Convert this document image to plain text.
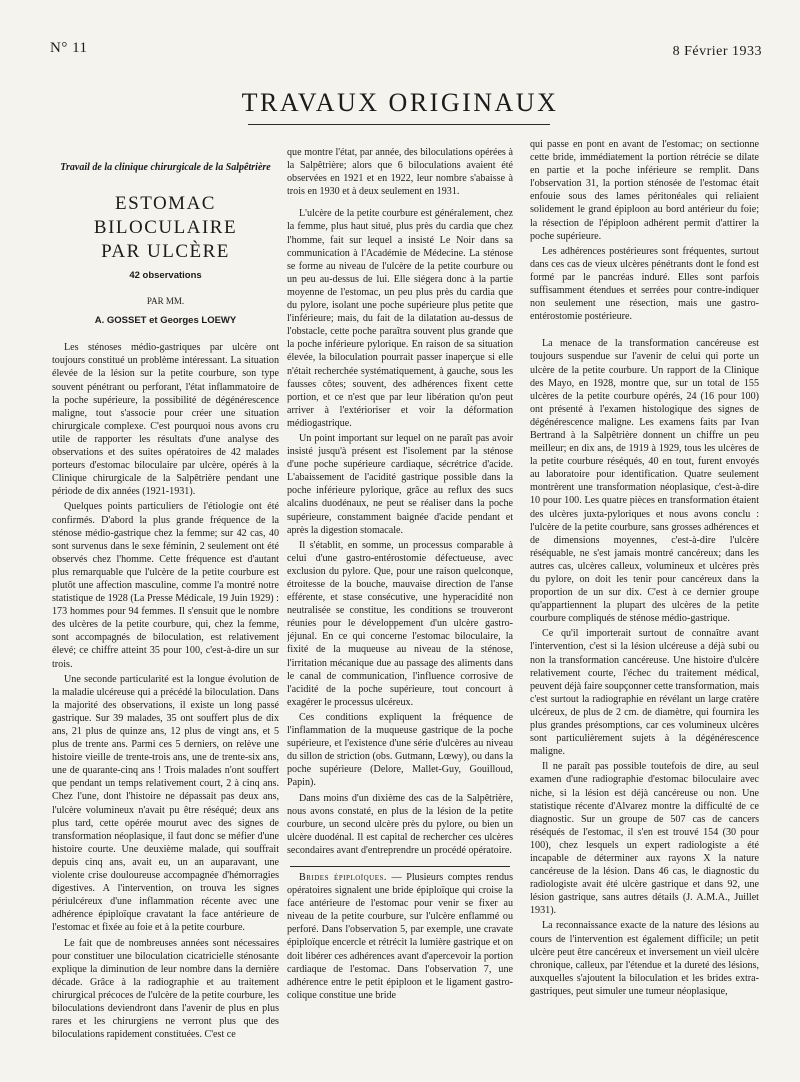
N° 11	8 Février 1933
TRAVAUX ORIGINAUX
Travail de la clinique chirurgicale de la Salpêtrière
ESTOMAC BILOCULAIRE
PAR ULCÈRE
42 observations
PAR MM.
A. GOSSET et Georges LOEWY

Les sténoses médio-gastriques par ulcère ont toujours constitué un problème intéressant. La situation élevée de la lésion sur la petite courbure, son type souvent pénétrant ou perforant, l'état inflammatoire de la poche supérieure, la possibilité de dégénérescence maligne, tout s'associe pour créer une situation chirurgicale complexe. C'est pourquoi nous avons cru utile de rapporter les résultats d'une analyse des observations et des suites opératoires de 42 malades porteurs d'estomac biloculaire par ulcère, opérés à la Clinique chirurgicale de la Salpêtrière pendant une période de dix années (1921-1931).

Quelques points particuliers de l'étiologie ont été confirmés. D'abord la plus grande fréquence de la sténose médio-gastrique chez la femme; sur 42 cas, 40 sont survenus dans le sexe féminin, 2 seulement ont été observés chez l'homme. Cette fréquence est d'autant plus remarquable que l'ulcère de la petite courbure est plutôt une affection masculine, comme l'a montré notre statistique de 1928 (La Presse Médicale, 19 Juin 1929) : 173 hommes pour 94 femmes. Il s'ensuit que le nombre des ulcères de la petite courbure, qui, chez la femme, sont accompagnés de biloculation, est relativement élevé; ce chiffre atteint 35 pour 100, c'est-à-dire un sur trois.

Une seconde particularité est la longue évolution de la maladie ulcéreuse qui a précédé la biloculation. Dans la majorité des observations, il existe un long passé gastrique. Sur 39 malades, 35 ont souffert plus de dix ans, 21 plus de quinze ans, 12 plus de vingt ans, et 5 plus de trente ans. Parmi ces 5 derniers, on relève une histoire vieille de trente-trois ans, une de trente-six ans, une de quarante-cinq ans ! Trois malades n'ont souffert que pendant un temps relativement court, 2 à cinq ans. Chez l'une, dont l'histoire ne dépassait pas deux ans, l'ulcère volumineux n'avait pu être réséqué; deux ans plus tard, cette opérée mourut avec des signes de transformation néoplasique, il faut donc se méfier d'une histoire courte. Une deuxième malade, qui souffrait depuis cinq ans, avait eu, un an auparavant, une violente crise douloureuse accompagnée d'hémorragies digestives. A l'intervention, on trouva les signes périulcéreux d'une inflammation récente avec une adhérence épiploïque cravatant la face antérieure de l'estomac et fixée au foie et à la petite courbure.

Le fait que de nombreuses années sont nécessaires pour constituer une biloculation cicatricielle sténosante explique la diminution de leur nombre dans la dernière décade. Grâce à la radiographie et au traitement chirurgical précoces de l'ulcère de la petite courbure, les biloculations deviendront dans l'avenir de plus en plus rares et les chirurgiens ne verront plus que des biloculations rapidement constituées. C'est ce

que montre l'état, par année, des biloculations opérées à la Salpêtrière; alors que 6 biloculations avaient été observées en 1921 et en 1922, leur nombre s'abaisse à trois en 1930 et à deux seulement en 1931.

L'ulcère de la petite courbure est généralement, chez la femme, plus haut situé, plus près du cardia que chez l'homme, fait sur lequel a insisté Le Noir dans sa communication à l'Académie de Médecine. La sténose se forme au niveau de l'ulcère de la petite courbure ou un peu au-dessus de lui. Elle siégera donc à la partie moyenne de l'estomac, un peu plus près du cardia que du pylore, isolant une poche supérieure plus petite que l'inférieure; mais, du fait de la dilatation au-dessus de l'obstacle, cette poche paraîtra souvent plus grande que la poche inférieure pylorique. En raison de sa situation élevée, la biloculation pourrait passer inaperçue si elle n'était recherchée systématiquement, à gauche, sous les fausses côtes; souvent, des adhérences fixent cette portion, et ce n'est que par leur libération qu'on peut arriver à l'extérioriser et voir la déformation médiogastrique.

Un point important sur lequel on ne paraît pas avoir insisté jusqu'à présent est l'isolement par la sténose d'une poche supérieure cardiaque, sécrétrice d'acide. L'abaissement de l'acidité gastrique possible dans la poche inférieure pylorique, grâce au reflux des sucs alcalins duodénaux, ne peut se réaliser dans la poche supérieure, constamment baignée d'acide pendant et après la digestion stomacale.

Il s'établit, en somme, un processus comparable à celui d'une gastro-entérostomie défectueuse, avec exclusion du pylore. Que, pour une raison quelconque, étroitesse de la bouche, mauvaise direction de l'anse efférente, et stase consécutive, une hyperacidité non neutralisée se constitue, les conditions se trouveront réunies pour le développement d'un ulcère gastro-jéjunal. En ce qui concerne l'estomac biloculaire, la fixité de la muqueuse au niveau de la sténose, l'irritation mécanique due au passage des aliments dans le canal de communication, l'influence corrosive de l'acidité de la poche supérieure, tout concourt à exagérer le processus ulcéreux.

Ces conditions expliquent la fréquence de l'inflammation de la muqueuse gastrique de la poche supérieure, et l'existence d'une série d'ulcères au niveau du sillon de striction (obs. Gutmann, Lœwy), ou dans la poche supérieure (Delore, Mallet-Guy, Gouilloud, Papin).

Dans moins d'un dixième des cas de la Salpêtrière, nous avons constaté, en plus de la lésion de la petite courbure, un second ulcère près du pylore, ou bien un ulcère duodénal. Il est capital de rechercher ces ulcères secondaires avant d'entreprendre un procédé opératoire.

Brides épiploïques. — Plusieurs comptes rendus opératoires signalent une bride épiploïque qui croise la face antérieure de l'estomac pour venir se fixer au niveau de la petite courbure, sur l'ulcère enflammé ou perforé. Dans l'observation 5, par exemple, une cravate épiploïque encercle et rétrécit la lumière gastrique et on doit libérer ces adhérences avant d'apercevoir la portion cardiaque de l'estomac. Dans l'observation 7, une adhérence entre le petit épiploon et le ligament gastro-colique constitue une bride

qui passe en pont en avant de l'estomac; on sectionne cette bride, immédiatement la portion rétrécie se dilate en partie et la poche inférieure se remplit. Dans l'observation 31, la portion sténosée de l'estomac était enfouie sous des lames péritonéales qui reliaient solidement le grand épiploon au bord antérieur du foie; la résection de l'épiploon adhérent permit d'attirer la poche supérieure.

Les adhérences postérieures sont fréquentes, surtout dans ces cas de vieux ulcères pénétrants dont le fond est formé par le pancréas induré. Elles sont parfois suffisamment étendues et serrées pour contre-indiquer non seulement une résection, mais une gastro-entérostomie postérieure.

La menace de la transformation cancéreuse est toujours suspendue sur l'avenir de celui qui porte un ulcère de la petite courbure. Un rapport de la Clinique des Mayo, en 1928, montre que, sur un total de 155 ulcères de la petite courbure opérés, 24 (16 pour 100) ont présenté à l'examen histologique des signes de dégénérescence maligne. Les examens faits par Ivan Bertrand à la Salpêtrière donnent un chiffre un peu meilleur; en dix ans, de 1919 à 1929, tous les ulcères de la petite courbure réséqués, 40 en tout, furent envoyés au laboratoire pour identification. Quatre seulement montrèrent une transformation néoplasique, c'est-à-dire 10 pour 100. Les quatre pièces en transformation étaient des ulcères juxta-pyloriques et nous avons conclu : l'ulcère de la petite courbure, sans grosses adhérences et de dimensions moyennes, c'est-à-dire l'ulcère réséquable, ne s'est jamais montré cancéreux; dans les autres cas, ulcères calleux, volumineux et ulcères près du pylore, on doit les tenir pour cancéreux dans la proportion de un sur dix. C'est à ce dernier groupe qu'appartiennent la plupart des ulcères de la petite courbure compliqués de sténose médio-gastrique.

Ce qu'il importerait surtout de connaître avant l'intervention, c'est si la lésion ulcéreuse a déjà subi ou non la transformation cancéreuse. Une histoire d'ulcère relativement courte, l'échec du traitement médical, peuvent déjà faire soupçonner cette transformation, mais c'est surtout la radiographie en révélant un large cratère ulcéreux, de plus de 2 cm. de diamètre, qui fournira les plus grandes présomptions, car ces volumineux ulcères sont particulièrement sujets à la dégénérescence maligne.

Il ne paraît pas possible toutefois de dire, au seul examen d'une radiographie d'estomac biloculaire avec niche, si la lésion est déjà cancéreuse ou non. Une statistique récente d'Alvarez montre la difficulté de ce diagnostic. Sur un groupe de 507 cas de cancers réséqués de l'estomac, il s'en est trouvé 154 (30 pour 100), chez lesquels un expert radiologiste a été incapable de déterminer aux rayons X la nature cancéreuse de la lésion. Dans 46 cas, le diagnostic du radiologiste avait été ulcère gastrique et dans 92, une lésion gastrique, sans autres détails (J. A.M.A., Juillet 1931).

La reconnaissance exacte de la nature des lésions au cours de l'intervention est également difficile; un petit ulcère peut être cancéreux et inversement un vieil ulcère chronique, calleux, par l'étendue et la dureté des lésions, auxquelles s'ajoutent la biloculation et les brides extra-gastriques, peut simuler une tumeur néoplasique,
